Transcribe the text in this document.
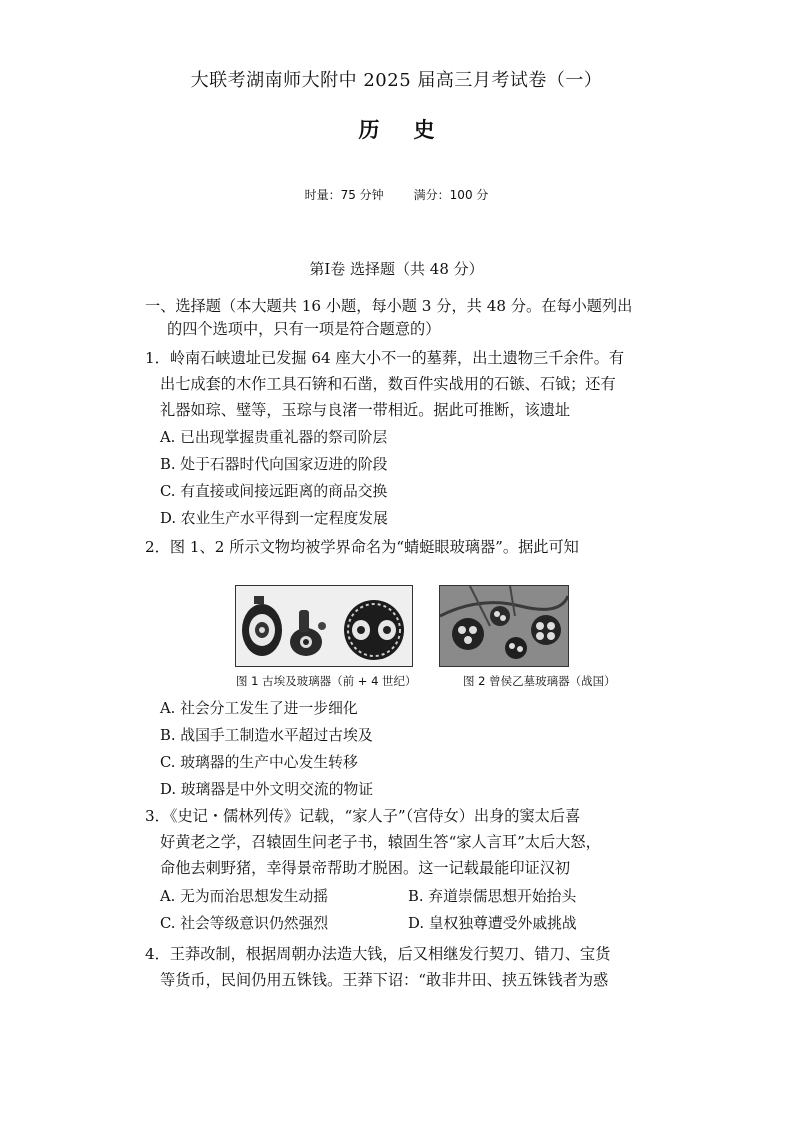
大联考湖南师大附中 2025 届高三月考试卷（一）
历史
时量：75 分钟	满分：100 分
第Ⅰ卷 选择题（共 48 分）
一、选择题（本大题共 16 小题，每小题 3 分，共 48 分。在每小题列出
的四个选项中，只有一项是符合题意的）
1．岭南石峡遗址已发掘 64 座大小不一的墓葬，出土遗物三千余件。有
出七成套的木作工具石锛和石凿，数百件实战用的石镞、石钺；还有
礼器如琮、璧等，玉琮与良渚一带相近。据此可推断，该遗址
A. 已出现掌握贵重礼器的祭司阶层
B. 处于石器时代向国家迈进的阶段
C. 有直接或间接远距离的商品交换
D. 农业生产水平得到一定程度发展
2．图 1、2 所示文物均被学界命名为“蜻蜓眼玻璃器”。据此可知
图 1 古埃及玻璃器（前 + 4 世纪）	图 2 曾侯乙墓玻璃器（战国）
A. 社会分工发生了进一步细化
B. 战国手工制造水平超过古埃及
C. 玻璃器的生产中心发生转移
D. 玻璃器是中外文明交流的物证
3．《史记・儒林列传》记载，“家人子”（宫侍女）出身的窦太后喜
好黄老之学，召辕固生问老子书，辕固生答“家人言耳”太后大怒，
命他去刺野猪，幸得景帝帮助才脱困。这一记载最能印证汉初
A. 无为而治思想发生动摇	B. 弃道崇儒思想开始抬头
C. 社会等级意识仍然强烈	D. 皇权独尊遭受外戚挑战
4．王莽改制，根据周朝办法造大钱，后又相继发行契刀、错刀、宝货
等货币，民间仍用五铢钱。王莽下诏：“敢非井田、挟五铢钱者为惑
